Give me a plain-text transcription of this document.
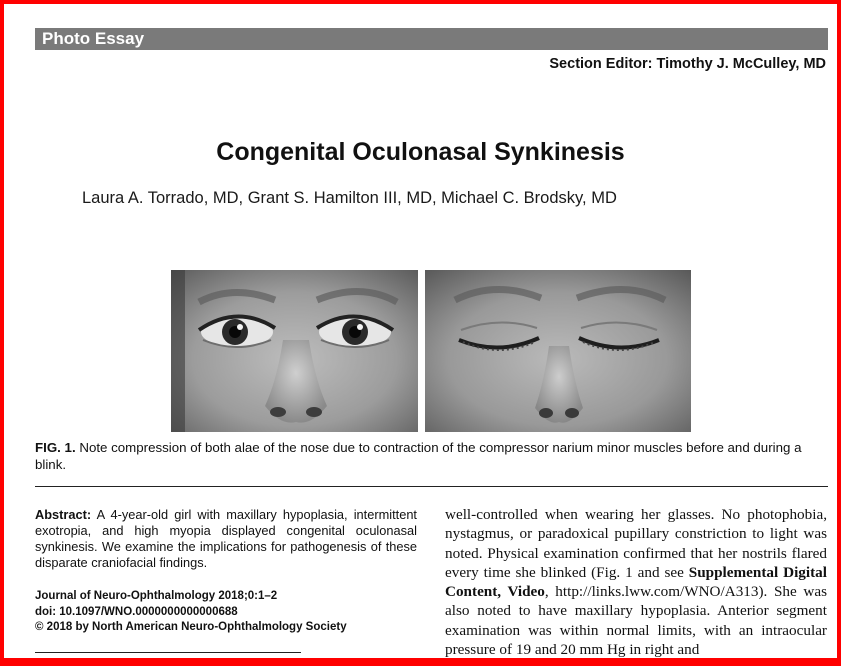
Photo Essay
Section Editor: Timothy J. McCulley, MD
Congenital Oculonasal Synkinesis
Laura A. Torrado, MD, Grant S. Hamilton III, MD, Michael C. Brodsky, MD
FIG. 1. Note compression of both alae of the nose due to contraction of the compressor narium minor muscles before and during a blink.
Abstract: A 4-year-old girl with maxillary hypoplasia, intermittent exotropia, and high myopia displayed congenital oculonasal synkinesis. We examine the implications for pathogenesis of these disparate craniofacial findings.
Journal of Neuro-Ophthalmology 2018;0:1–2
doi: 10.1097/WNO.0000000000000688
© 2018 by North American Neuro-Ophthalmology Society
well-controlled when wearing her glasses. No photophobia, nystagmus, or paradoxical pupillary constriction to light was noted. Physical examination confirmed that her nostrils flared every time she blinked (Fig. 1 and see Supplemental Digital Content, Video, http://links.lww.com/WNO/A313). She was also noted to have maxillary hypoplasia. Anterior segment examination was within normal limits, with an intraocular pressure of 19 and 20 mm Hg in right and
